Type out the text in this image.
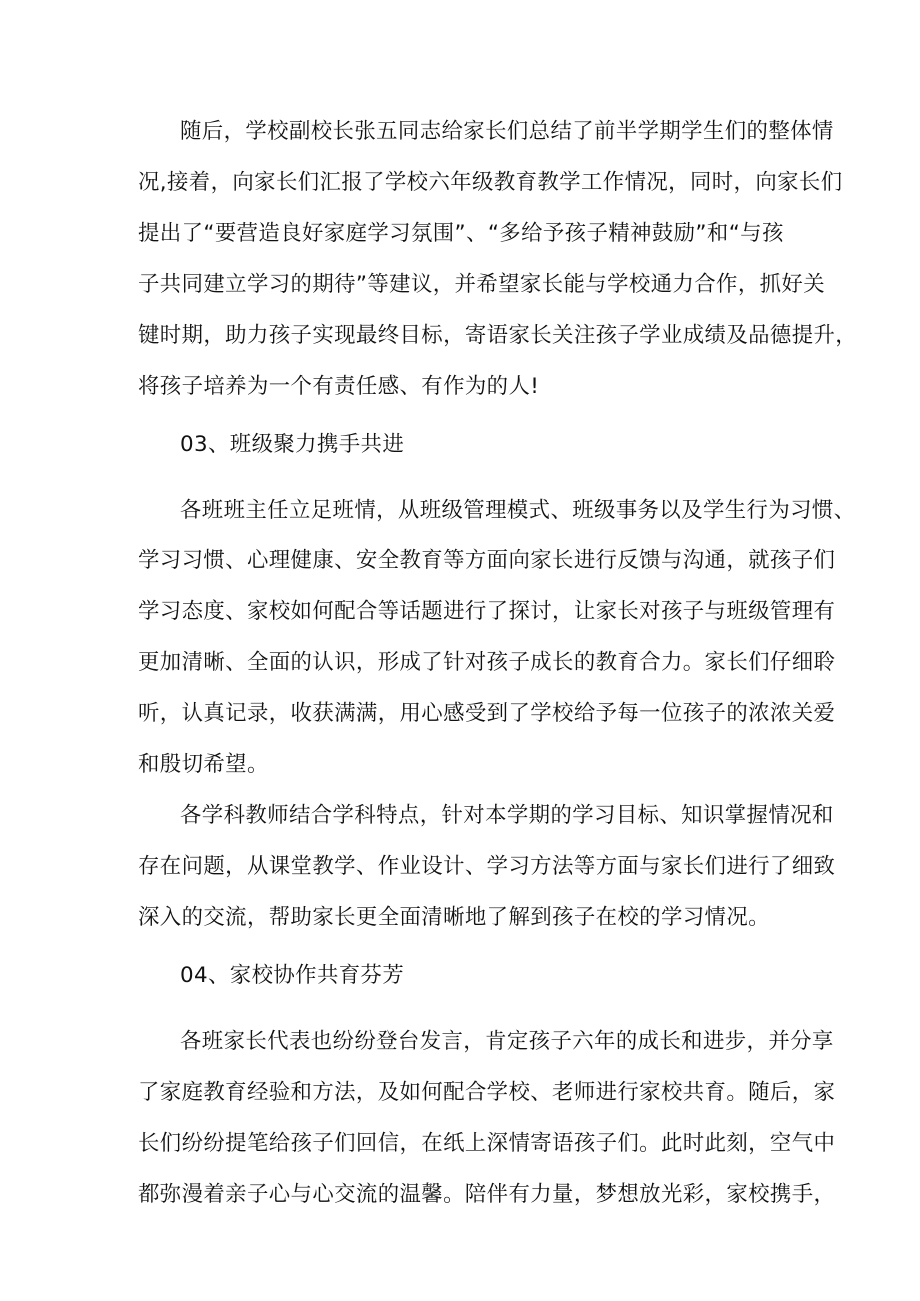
随后，学校副校长张五同志给家长们总结了前半学期学生们的整体情
况,接着，向家长们汇报了学校六年级教育教学工作情况，同时，向家长们
提出了“要营造良好家庭学习氛围”、“多给予孩子精神鼓励”和“与孩
子共同建立学习的期待”等建议，并希望家长能与学校通力合作，抓好关
键时期，助力孩子实现最终目标，寄语家长关注孩子学业成绩及品德提升，
将孩子培养为一个有责任感、有作为的人!
03、班级聚力携手共进
各班班主任立足班情，从班级管理模式、班级事务以及学生行为习惯、
学习习惯、心理健康、安全教育等方面向家长进行反馈与沟通，就孩子们
学习态度、家校如何配合等话题进行了探讨，让家长对孩子与班级管理有
更加清晰、全面的认识，形成了针对孩子成长的教育合力。家长们仔细聆
听，认真记录，收获满满，用心感受到了学校给予每一位孩子的浓浓关爱
和殷切希望。
各学科教师结合学科特点，针对本学期的学习目标、知识掌握情况和
存在问题，从课堂教学、作业设计、学习方法等方面与家长们进行了细致
深入的交流，帮助家长更全面清晰地了解到孩子在校的学习情况。
04、家校协作共育芬芳
各班家长代表也纷纷登台发言，肯定孩子六年的成长和进步，并分享
了家庭教育经验和方法，及如何配合学校、老师进行家校共育。随后，家
长们纷纷提笔给孩子们回信，在纸上深情寄语孩子们。此时此刻，空气中
都弥漫着亲子心与心交流的温馨。陪伴有力量，梦想放光彩，家校携手，
